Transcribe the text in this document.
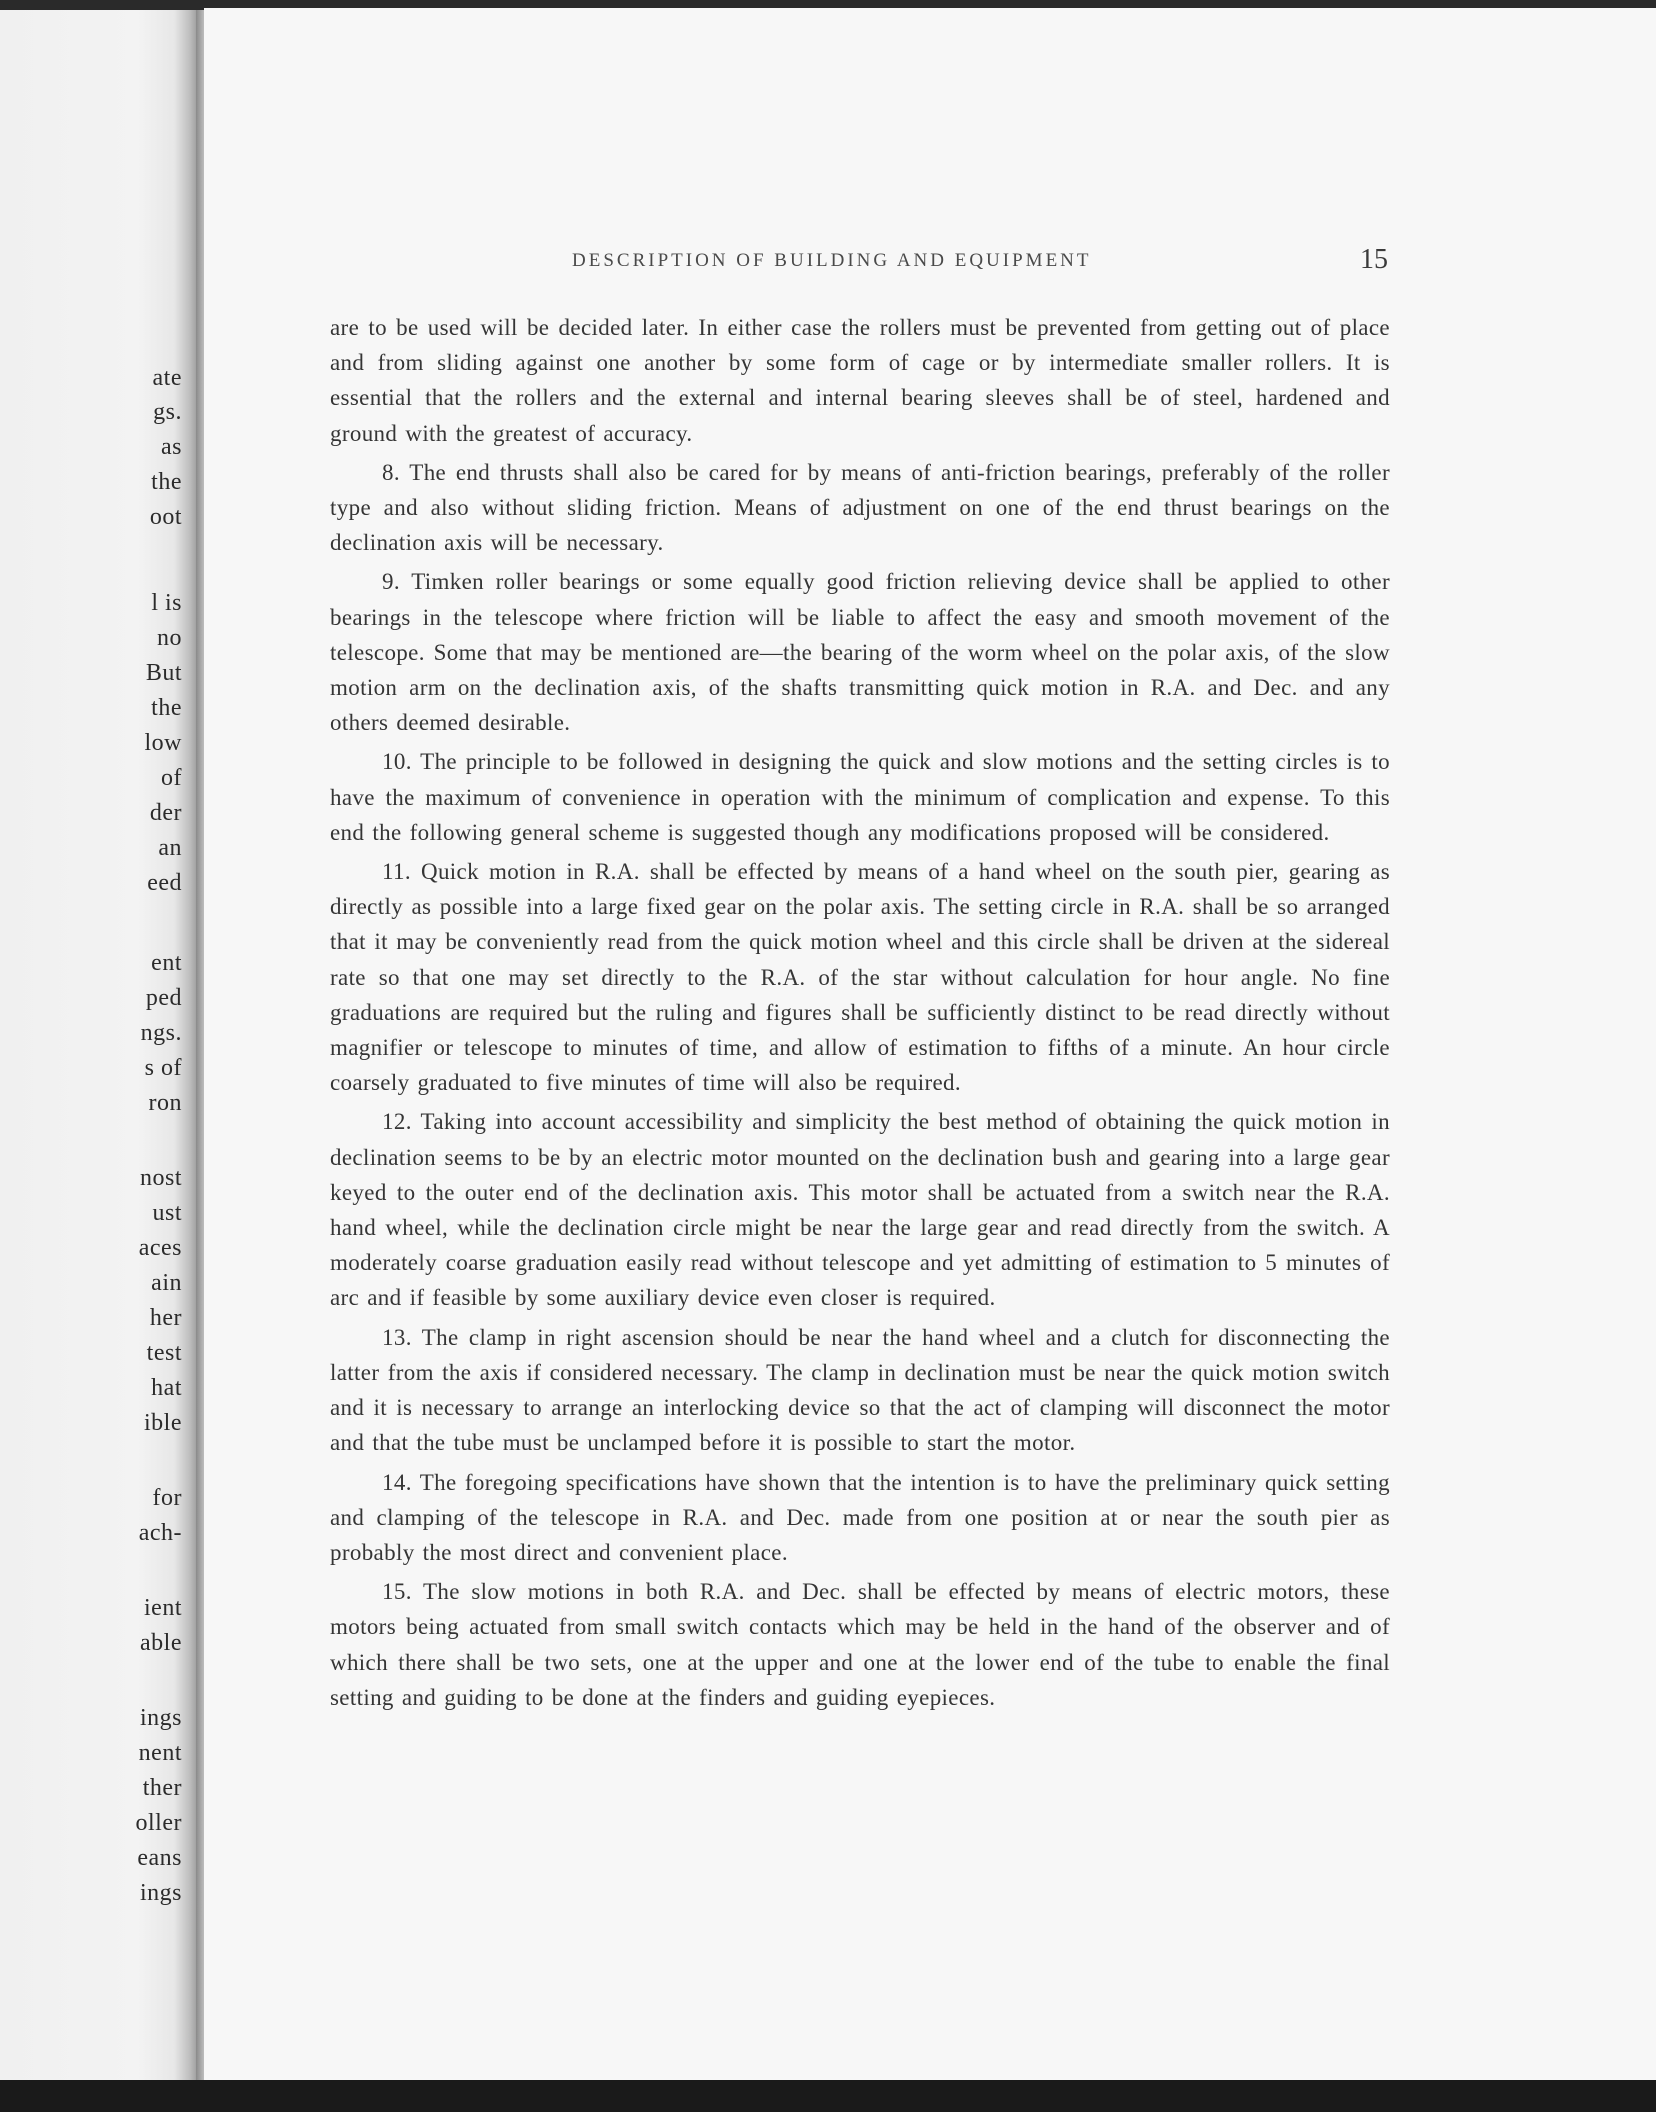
ate
gs.
as
the
oot
l is
no
But
the
low
of
der
an
eed
ent
ped
ngs.
s of
ron
nost
ust
aces
ain
her
test
hat
ible
for
ach-
ient
able
ings
nent
ther
oller
eans
ings
DESCRIPTION OF BUILDING AND EQUIPMENT	15

are to be used will be decided later. In either case the rollers must be prevented from getting out of place and from sliding against one another by some form of cage or by intermediate smaller rollers. It is essential that the rollers and the external and internal bearing sleeves shall be of steel, hardened and ground with the greatest of accuracy.

8. The end thrusts shall also be cared for by means of anti-friction bearings, preferably of the roller type and also without sliding friction. Means of adjustment on one of the end thrust bearings on the declination axis will be necessary.

9. Timken roller bearings or some equally good friction relieving device shall be applied to other bearings in the telescope where friction will be liable to affect the easy and smooth movement of the telescope. Some that may be mentioned are—the bearing of the worm wheel on the polar axis, of the slow motion arm on the declination axis, of the shafts transmitting quick motion in R.A. and Dec. and any others deemed desirable.

10. The principle to be followed in designing the quick and slow motions and the setting circles is to have the maximum of convenience in operation with the minimum of complication and expense. To this end the following general scheme is suggested though any modifications proposed will be considered.

11. Quick motion in R.A. shall be effected by means of a hand wheel on the south pier, gearing as directly as possible into a large fixed gear on the polar axis. The setting circle in R.A. shall be so arranged that it may be conveniently read from the quick motion wheel and this circle shall be driven at the sidereal rate so that one may set directly to the R.A. of the star without calculation for hour angle. No fine graduations are required but the ruling and figures shall be sufficiently distinct to be read directly without magnifier or telescope to minutes of time, and allow of estimation to fifths of a minute. An hour circle coarsely graduated to five minutes of time will also be required.

12. Taking into account accessibility and simplicity the best method of obtaining the quick motion in declination seems to be by an electric motor mounted on the declination bush and gearing into a large gear keyed to the outer end of the declination axis. This motor shall be actuated from a switch near the R.A. hand wheel, while the declination circle might be near the large gear and read directly from the switch. A moderately coarse graduation easily read without telescope and yet admitting of estimation to 5 minutes of arc and if feasible by some auxiliary device even closer is required.

13. The clamp in right ascension should be near the hand wheel and a clutch for disconnecting the latter from the axis if considered necessary. The clamp in declination must be near the quick motion switch and it is necessary to arrange an interlocking device so that the act of clamping will disconnect the motor and that the tube must be unclamped before it is possible to start the motor.

14. The foregoing specifications have shown that the intention is to have the preliminary quick setting and clamping of the telescope in R.A. and Dec. made from one position at or near the south pier as probably the most direct and convenient place.

15. The slow motions in both R.A. and Dec. shall be effected by means of electric motors, these motors being actuated from small switch contacts which may be held in the hand of the observer and of which there shall be two sets, one at the upper and one at the lower end of the tube to enable the final setting and guiding to be done at the finders and guiding eyepieces.
